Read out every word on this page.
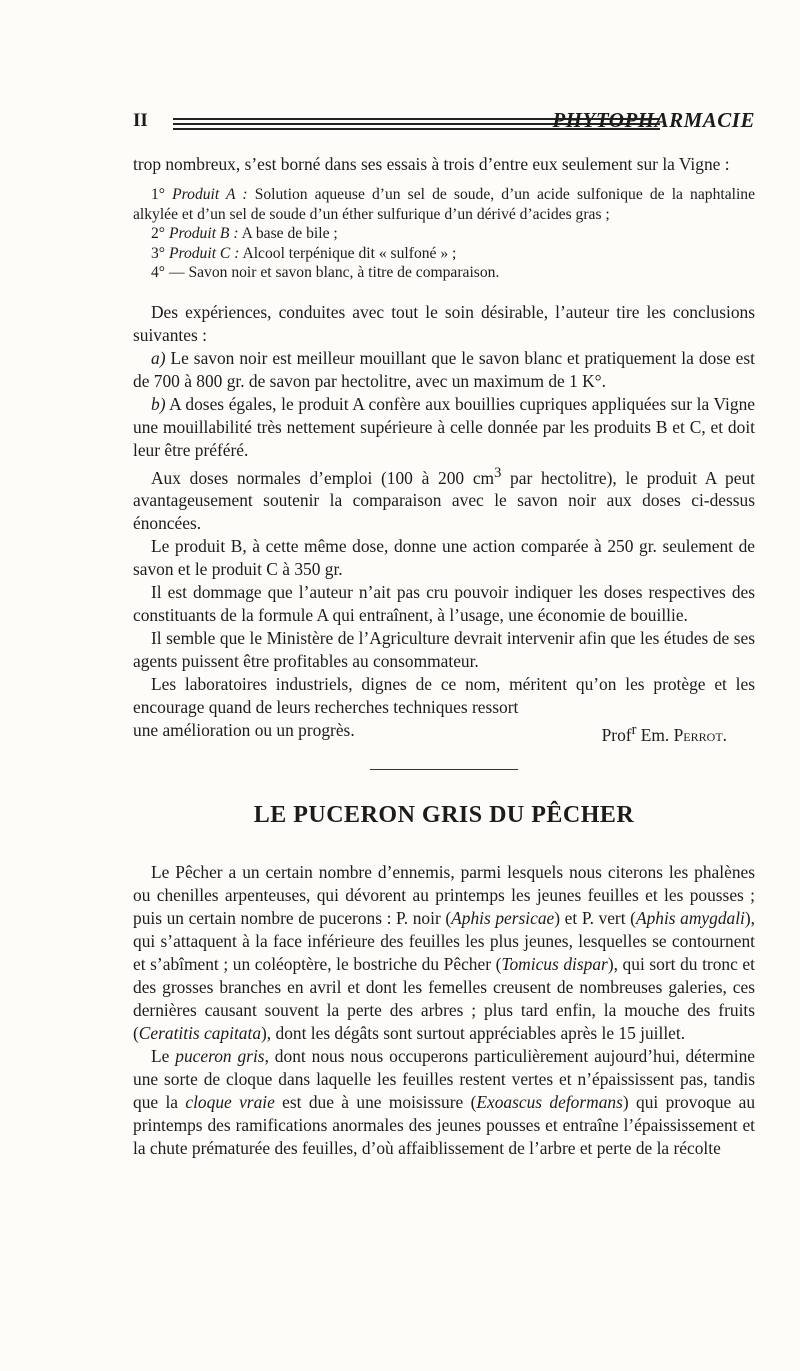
II	PHYTOPHARMACIE

trop nombreux, s’est borné dans ses essais à trois d’entre eux seulement sur la Vigne :

1° Produit A : Solution aqueuse d’un sel de soude, d’un acide sulfonique de la naphtaline alkylée et d’un sel de soude d’un éther sulfurique d’un dérivé d’acides gras ;

2° Produit B : A base de bile ;

3° Produit C : Alcool terpénique dit « sulfoné » ;

4° — Savon noir et savon blanc, à titre de comparaison.

Des expériences, conduites avec tout le soin désirable, l’auteur tire les conclusions suivantes :

a) Le savon noir est meilleur mouillant que le savon blanc et pratiquement la dose est de 700 à 800 gr. de savon par hectolitre, avec un maximum de 1 K°.

b) A doses égales, le produit A confère aux bouillies cupriques appliquées sur la Vigne une mouillabilité très nettement supérieure à celle donnée par les produits B et C, et doit leur être préféré.

Aux doses normales d’emploi (100 à 200 $cm^3$ par hectolitre), le produit A peut avantageusement soutenir la comparaison avec le savon noir aux doses ci-dessus énoncées.

Le produit B, à cette même dose, donne une action comparée à 250 gr. seulement de savon et le produit C à 350 gr.

Il est dommage que l’auteur n’ait pas cru pouvoir indiquer les doses respectives des constituants de la formule A qui entraînent, à l’usage, une économie de bouillie.

Il semble que le Ministère de l’Agriculture devrait intervenir afin que les études de ses agents puissent être profitables au consommateur.

Les laboratoires industriels, dignes de ce nom, méritent qu’on les protège et les encourage quand de leurs recherches techniques ressort

une amélioration ou un progrès.	Prof$^r$ Em. Perrot.
LE PUCERON GRIS DU PÊCHER

Le Pêcher a un certain nombre d’ennemis, parmi lesquels nous citerons les phalènes ou chenilles arpenteuses, qui dévorent au printemps les jeunes feuilles et les pousses ; puis un certain nombre de pucerons : P. noir (Aphis persicae) et P. vert (Aphis amygdali), qui s’attaquent à la face inférieure des feuilles les plus jeunes, lesquelles se contournent et s’abîment ; un coléoptère, le bostriche du Pêcher (Tomicus dispar), qui sort du tronc et des grosses branches en avril et dont les femelles creusent de nombreuses galeries, ces dernières causant souvent la perte des arbres ; plus tard enfin, la mouche des fruits (Ceratitis capitata), dont les dégâts sont surtout appréciables après le 15 juillet.

Le puceron gris, dont nous nous occuperons particulièrement aujourd’hui, détermine une sorte de cloque dans laquelle les feuilles restent vertes et n’épaississent pas, tandis que la cloque vraie est due à une moisissure (Exoascus deformans) qui provoque au printemps des ramifications anormales des jeunes pousses et entraîne l’épaississement et la chute prématurée des feuilles, d’où affaiblissement de l’arbre et perte de la récolte
